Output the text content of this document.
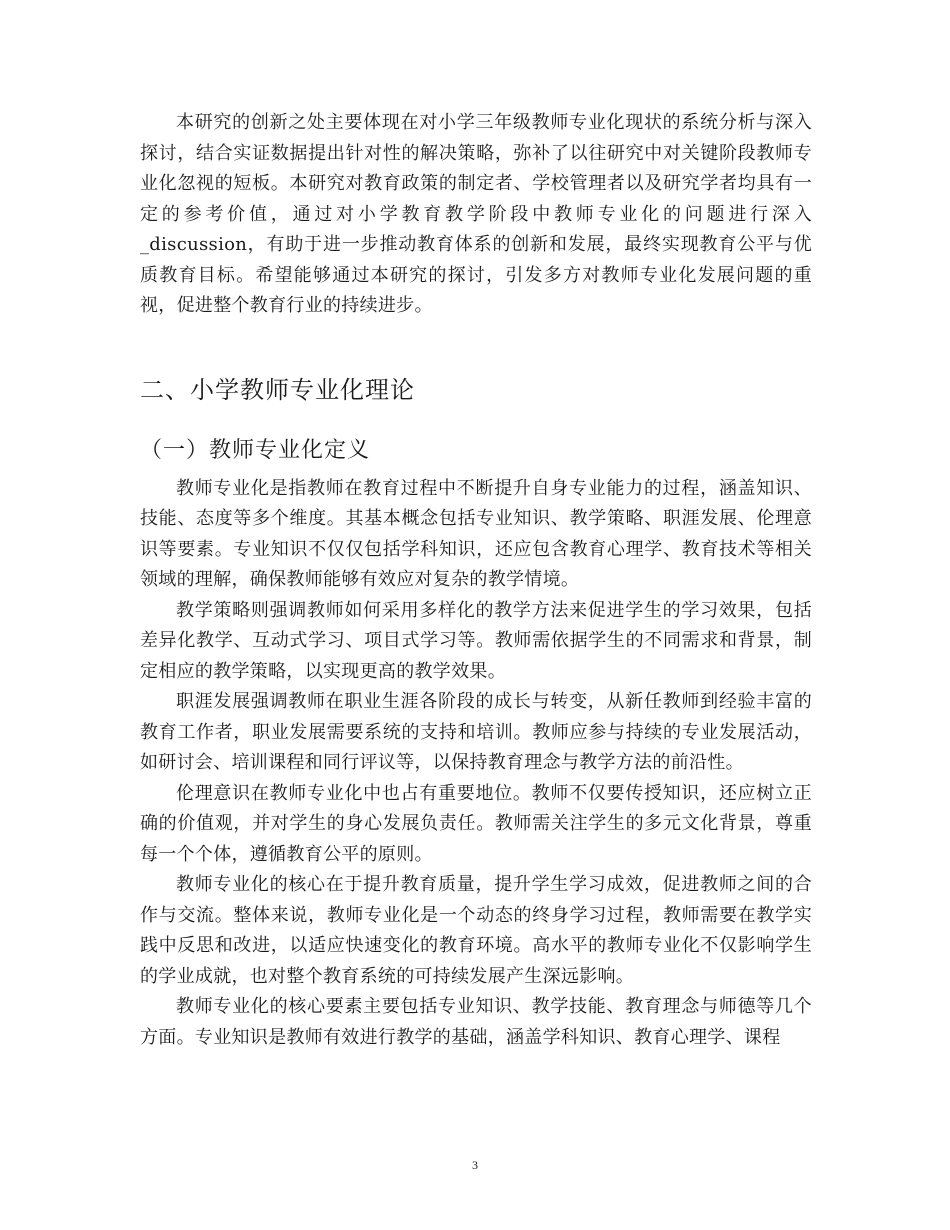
本研究的创新之处主要体现在对小学三年级教师专业化现状的系统分析与深入探讨，结合实证数据提出针对性的解决策略，弥补了以往研究中对关键阶段教师专业化忽视的短板。本研究对教育政策的制定者、学校管理者以及研究学者均具有一定的参考价值，通过对小学教育教学阶段中教师专业化的问题进行深入_discussion，有助于进一步推动教育体系的创新和发展，最终实现教育公平与优质教育目标。希望能够通过本研究的探讨，引发多方对教师专业化发展问题的重视，促进整个教育行业的持续进步。

二、小学教师专业化理论
（一）教师专业化定义

教师专业化是指教师在教育过程中不断提升自身专业能力的过程，涵盖知识、技能、态度等多个维度。其基本概念包括专业知识、教学策略、职涯发展、伦理意识等要素。专业知识不仅仅包括学科知识，还应包含教育心理学、教育技术等相关领域的理解，确保教师能够有效应对复杂的教学情境。

教学策略则强调教师如何采用多样化的教学方法来促进学生的学习效果，包括差异化教学、互动式学习、项目式学习等。教师需依据学生的不同需求和背景，制定相应的教学策略，以实现更高的教学效果。

职涯发展强调教师在职业生涯各阶段的成长与转变，从新任教师到经验丰富的教育工作者，职业发展需要系统的支持和培训。教师应参与持续的专业发展活动，如研讨会、培训课程和同行评议等，以保持教育理念与教学方法的前沿性。

伦理意识在教师专业化中也占有重要地位。教师不仅要传授知识，还应树立正确的价值观，并对学生的身心发展负责任。教师需关注学生的多元文化背景，尊重每一个个体，遵循教育公平的原则。

教师专业化的核心在于提升教育质量，提升学生学习成效，促进教师之间的合作与交流。整体来说，教师专业化是一个动态的终身学习过程，教师需要在教学实践中反思和改进，以适应快速变化的教育环境。高水平的教师专业化不仅影响学生的学业成就，也对整个教育系统的可持续发展产生深远影响。

教师专业化的核心要素主要包括专业知识、教学技能、教育理念与师德等几个方面。专业知识是教师有效进行教学的基础，涵盖学科知识、教育心理学、课程

3
